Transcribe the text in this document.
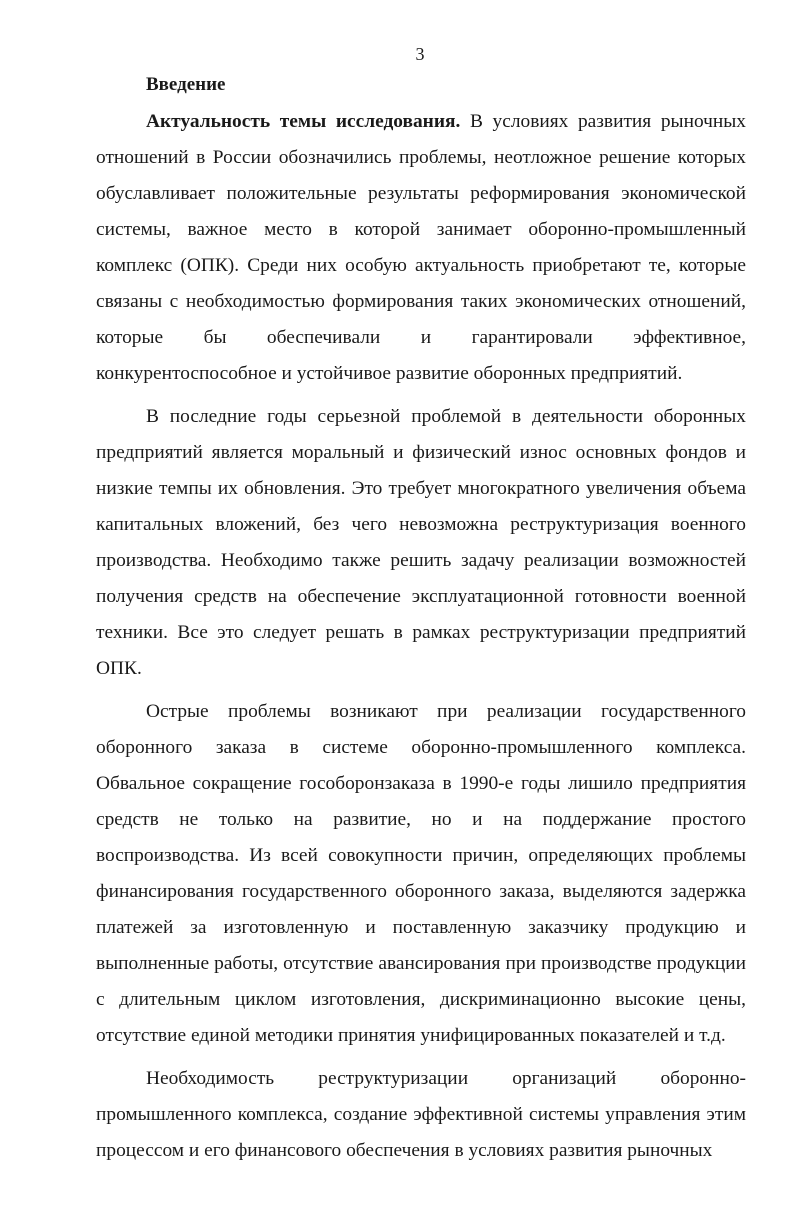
3
Введение

Актуальность темы исследования. В условиях развития рыночных отношений в России обозначились проблемы, неотложное решение которых обуславливает положительные результаты реформирования экономической системы, важное место в которой занимает оборонно-промышленный комплекс (ОПК). Среди них особую актуальность приобретают те, которые связаны с необходимостью формирования таких экономических отношений, которые бы обеспечивали и гарантировали эффективное, конкурентоспособное и устойчивое развитие оборонных предприятий.

В последние годы серьезной проблемой в деятельности оборонных предприятий является моральный и физический износ основных фондов и низкие темпы их обновления. Это требует многократного увеличения объема капитальных вложений, без чего невозможна реструктуризация военного производства. Необходимо также решить задачу реализации возможностей получения средств на обеспечение эксплуатационной готовности военной техники. Все это следует решать в рамках реструктуризации предприятий ОПК.

Острые проблемы возникают при реализации государственного оборонного заказа в системе оборонно-промышленного комплекса. Обвальное сокращение гособоронзаказа в 1990-е годы лишило предприятия средств не только на развитие, но и на поддержание простого воспроизводства. Из всей совокупности причин, определяющих проблемы финансирования государственного оборонного заказа, выделяются задержка платежей за изготовленную и поставленную заказчику продукцию и выполненные работы, отсутствие авансирования при производстве продукции с длительным циклом изготовления, дискриминационно высокие цены, отсутствие единой методики принятия унифицированных показателей и т.д.

Необходимость реструктуризации организаций оборонно-промышленного комплекса, создание эффективной системы управления этим процессом и его финансового обеспечения в условиях развития рыночных
